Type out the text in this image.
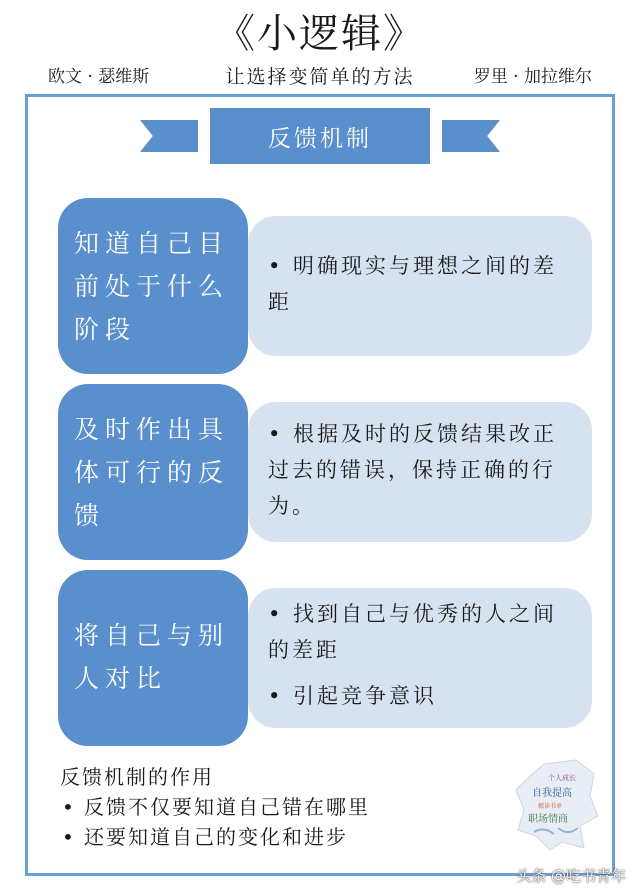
《小逻辑》
欧文 · 瑟维斯	让选择变简单的方法	罗里 · 加拉维尔
反馈机制
知道自己目前处于什么阶段

• 明确现实与理想之间的差距

及时作出具体可行的反馈

• 根据及时的反馈结果改正过去的错误，保持正确的行为。

将自己与别人对比

• 找到自己与优秀的人之间的差距

• 引起竞争意识

反馈机制的作用
• 反馈不仅要知道自己错在哪里
• 还要知道自己的变化和进步
个人成长
自我提高
精读书单
职场情商
头条 @吃书青年
